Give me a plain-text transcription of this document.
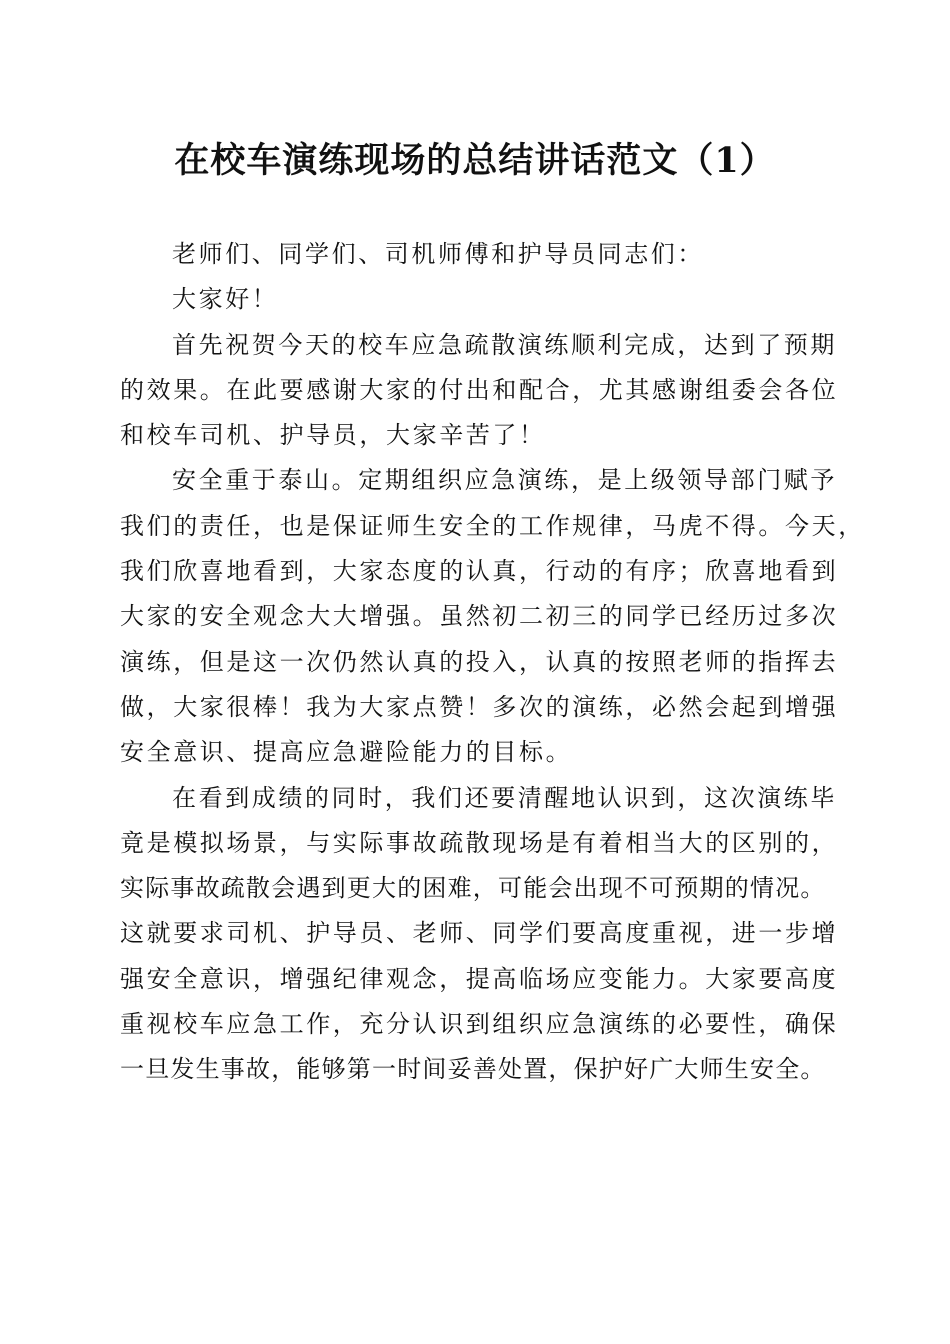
在校车演练现场的总结讲话范文（1）

老师们、同学们、司机师傅和护导员同志们：

大家好！

首先祝贺今天的校车应急疏散演练顺利完成，达到了预期

的效果。在此要感谢大家的付出和配合，尤其感谢组委会各位

和校车司机、护导员，大家辛苦了！

安全重于泰山。定期组织应急演练，是上级领导部门赋予

我们的责任，也是保证师生安全的工作规律，马虎不得。今天，

我们欣喜地看到，大家态度的认真，行动的有序；欣喜地看到

大家的安全观念大大增强。虽然初二初三的同学已经历过多次

演练，但是这一次仍然认真的投入，认真的按照老师的指挥去

做，大家很棒！我为大家点赞！多次的演练，必然会起到增强

安全意识、提高应急避险能力的目标。

在看到成绩的同时，我们还要清醒地认识到，这次演练毕

竟是模拟场景，与实际事故疏散现场是有着相当大的区别的，

实际事故疏散会遇到更大的困难，可能会出现不可预期的情况。

这就要求司机、护导员、老师、同学们要高度重视，进一步增

强安全意识，增强纪律观念，提高临场应变能力。大家要高度

重视校车应急工作，充分认识到组织应急演练的必要性，确保

一旦发生事故，能够第一时间妥善处置，保护好广大师生安全。
